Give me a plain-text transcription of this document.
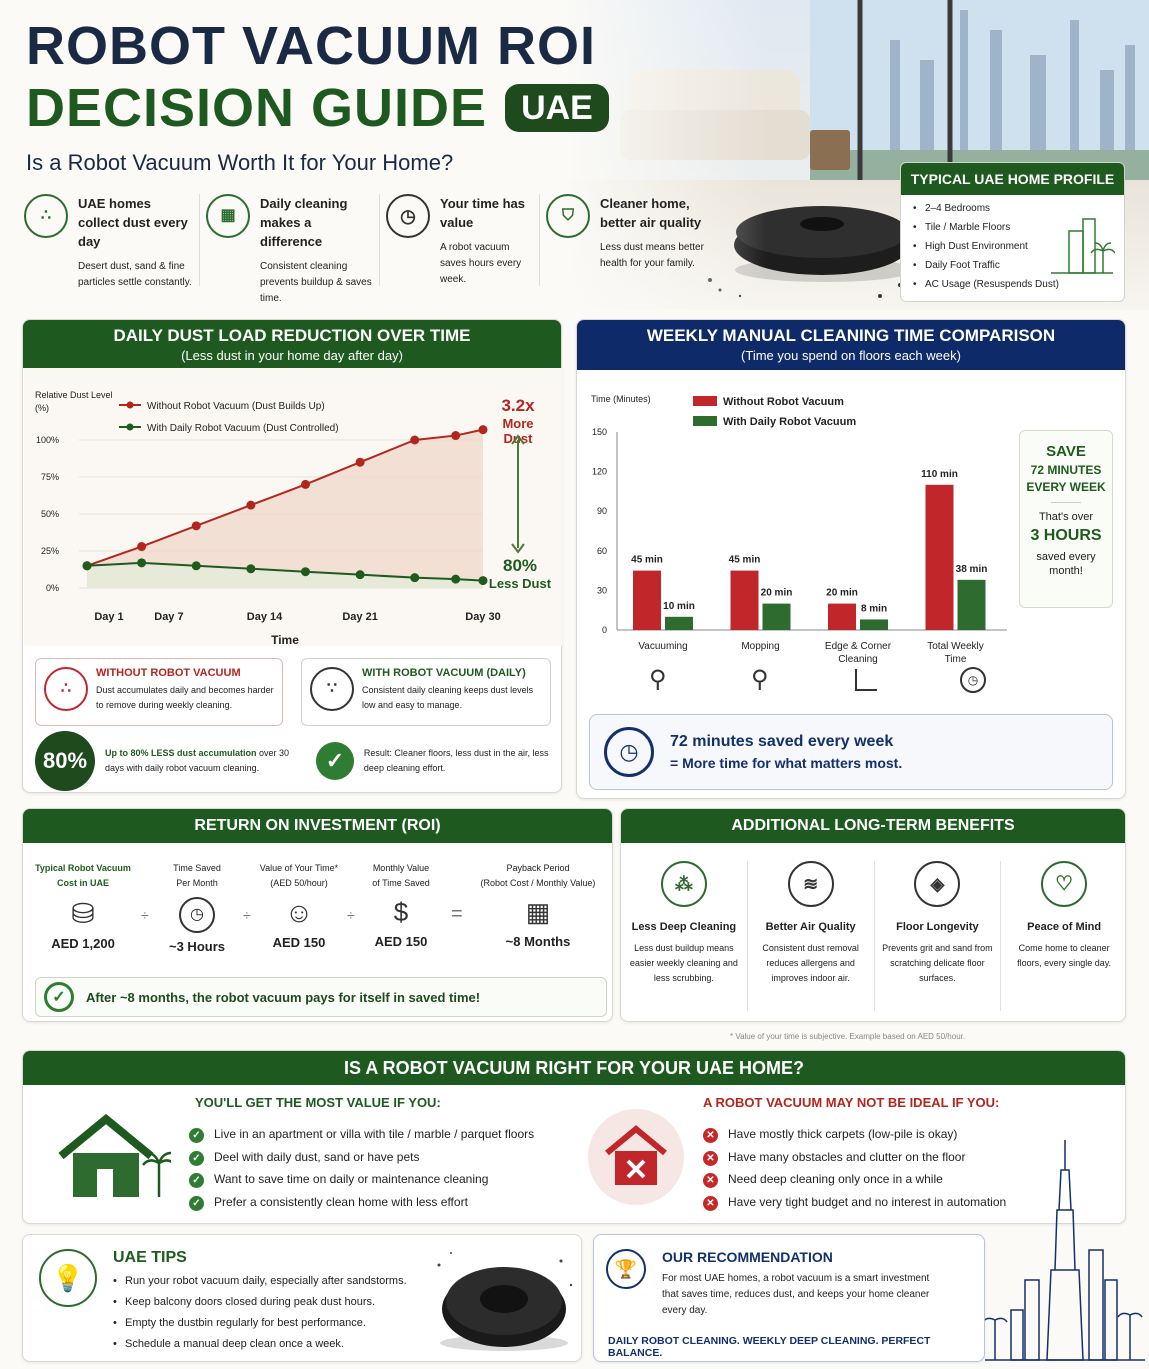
ROBOT VACUUM ROI
DECISION GUIDE	UAE
Is a Robot Vacuum Worth It for Your Home?
∴
UAE homes collect dust every day
Desert dust, sand & fine particles settle constantly.
▦
Daily cleaning makes a difference
Consistent cleaning prevents buildup & saves time.
◷
Your time has value
A robot vacuum saves hours every week.
⛉
Cleaner home, better air quality
Less dust means better health for your family.
TYPICAL UAE HOME PROFILE
• 2–4 Bedrooms
• Tile / Marble Floors
• High Dust Environment
• Daily Foot Traffic
• AC Usage (Resuspends Dust)
DAILY DUST LOAD REDUCTION OVER TIME
(Less dust in your home day after day)
Relative Dust Level
(%)
0%
25%
50%
75%
100%
Day 1	Day 7	Day 14	Day 21	Day 30
Time
Without Robot Vacuum (Dust Builds Up)
With Daily Robot Vacuum (Dust Controlled)
3.2x
More Dust
80%
Less Dust
∴
WITHOUT ROBOT VACUUM
Dust accumulates daily and becomes harder to remove during weekly cleaning.
∵
WITH ROBOT VACUUM (DAILY)
Consistent daily cleaning keeps dust levels low and easy to manage.
80%	Up to 80% LESS dust accumulation over 30 days with daily robot vacuum cleaning.	✓	Result: Cleaner floors, less dust in the air, less deep cleaning effort.
WEEKLY MANUAL CLEANING TIME COMPARISON
(Time you spend on floors each week)
Time (Minutes)
0
30
60
90
120
150
Without Robot Vacuum
With Daily Robot Vacuum
45 min
10 min
Vacuuming
45 min
20 min
Mopping
20 min
8 min
Edge & Corner
Cleaning
110 min
38 min
Total Weekly
Time
SAVE
72 MINUTES
EVERY WEEK
That's over
3 HOURS
saved every
month!
⚲	⚲	◷
◷	72 minutes saved every week
= More time for what matters most.
RETURN ON INVESTMENT (ROI)
Typical Robot Vacuum
Cost in UAE
⛁
AED 1,200
÷
Time Saved
Per Month
◷
~3 Hours
÷
Value of Your Time*
(AED 50/hour)
☺
AED 150
÷
Monthly Value
of Time Saved
$
AED 150
=
Payback Period
(Robot Cost / Monthly Value)
▦
~8 Months
✓	After ~8 months, the robot vacuum pays for itself in saved time!
ADDITIONAL LONG-TERM BENEFITS
⁂
Less Deep Cleaning
Less dust buildup means easier weekly cleaning and less scrubbing.
≋
Better Air Quality
Consistent dust removal reduces allergens and improves indoor air.
◈
Floor Longevity
Prevents grit and sand from scratching delicate floor surfaces.
♡
Peace of Mind
Come home to cleaner floors, every single day.
* Value of your time is subjective. Example based on AED 50/hour.
IS A ROBOT VACUUM RIGHT FOR YOUR UAE HOME?
YOU'LL GET THE MOST VALUE IF YOU:
✓ Live in an apartment or villa with tile / marble / parquet floors
✓ Deel with daily dust, sand or have pets
✓ Want to save time on daily or maintenance cleaning
✓ Prefer a consistently clean home with less effort
A ROBOT VACUUM MAY NOT BE IDEAL IF YOU:
✕ Have mostly thick carpets (low-pile is okay)
✕ Have many obstacles and clutter on the floor
✕ Need deep cleaning only once in a while
✕ Have very tight budget and no interest in automation
💡
UAE TIPS
• Run your robot vacuum daily, especially after sandstorms.
• Keep balcony doors closed during peak dust hours.
• Empty the dustbin regularly for best performance.
• Schedule a manual deep clean once a week.
🏆
OUR RECOMMENDATION
For most UAE homes, a robot vacuum is a smart investment that saves time, reduces dust, and keeps your home cleaner every day.
DAILY ROBOT CLEANING. WEEKLY DEEP CLEANING. PERFECT BALANCE.
